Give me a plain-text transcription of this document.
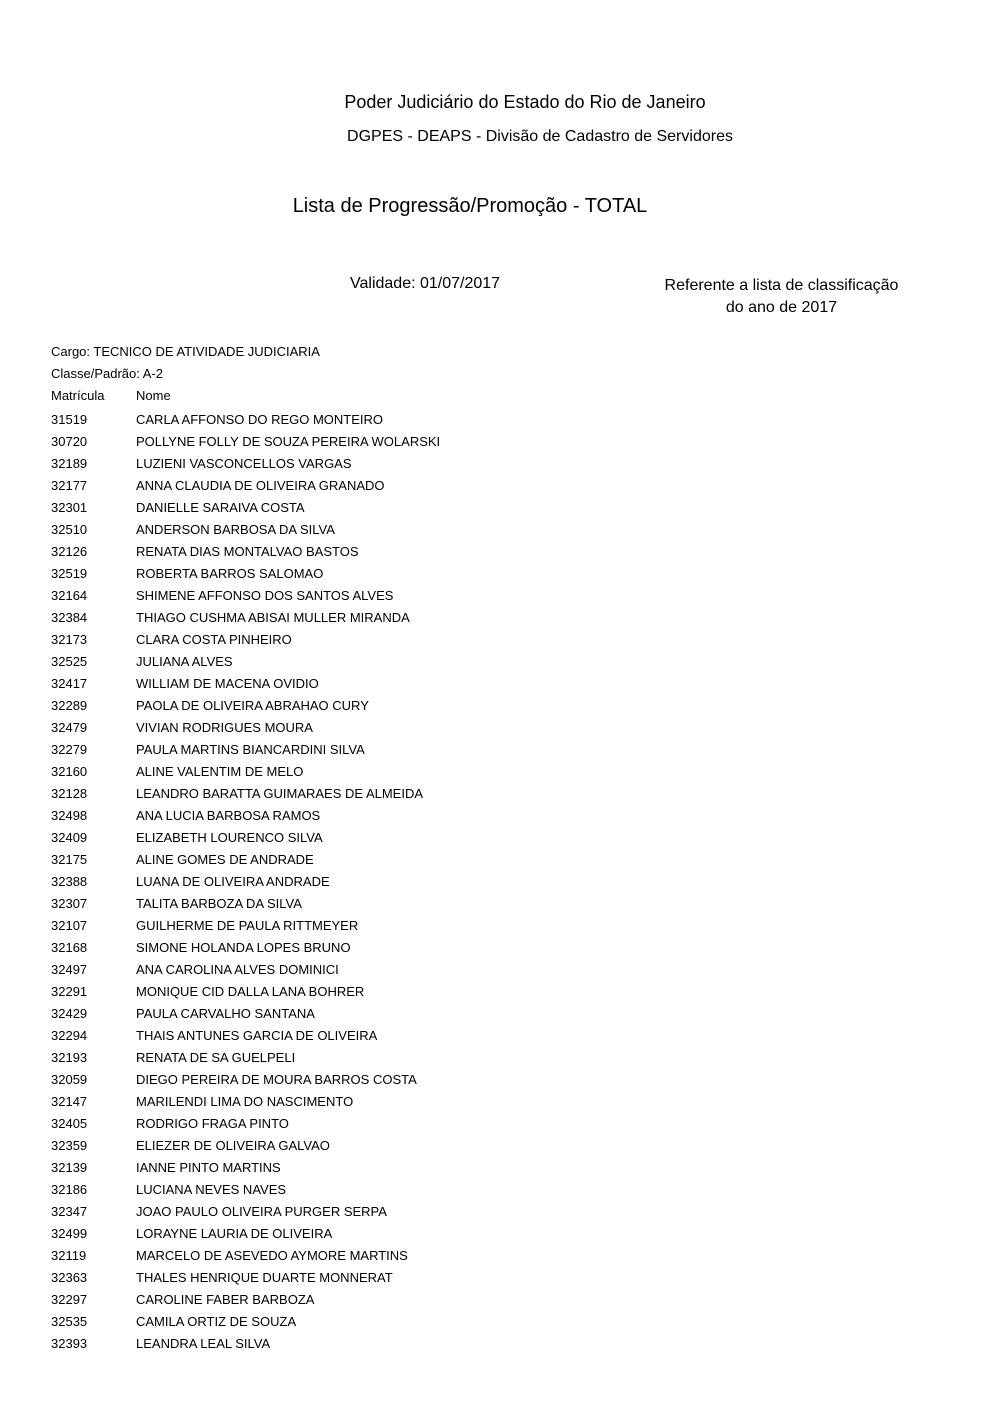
Poder Judiciário do Estado do Rio de Janeiro
DGPES - DEAPS - Divisão de Cadastro de Servidores
Lista de Progressão/Promoção - TOTAL
Validade: 01/07/2017	Referente a lista de classificação do ano de 2017
Cargo: TECNICO DE ATIVIDADE JUDICIARIA
Classe/Padrão: A-2
Matrícula Nome
31519	CARLA AFFONSO DO REGO MONTEIRO
30720	POLLYNE FOLLY DE SOUZA PEREIRA WOLARSKI
32189	LUZIENI VASCONCELLOS VARGAS
32177	ANNA CLAUDIA DE OLIVEIRA GRANADO
32301	DANIELLE SARAIVA COSTA
32510	ANDERSON BARBOSA DA SILVA
32126	RENATA DIAS MONTALVAO BASTOS
32519	ROBERTA BARROS SALOMAO
32164	SHIMENE AFFONSO DOS SANTOS ALVES
32384	THIAGO CUSHMA ABISAI MULLER MIRANDA
32173	CLARA COSTA PINHEIRO
32525	JULIANA ALVES
32417	WILLIAM DE MACENA OVIDIO
32289	PAOLA DE OLIVEIRA ABRAHAO CURY
32479	VIVIAN RODRIGUES MOURA
32279	PAULA MARTINS BIANCARDINI SILVA
32160	ALINE VALENTIM DE MELO
32128	LEANDRO BARATTA GUIMARAES DE ALMEIDA
32498	ANA LUCIA BARBOSA RAMOS
32409	ELIZABETH LOURENCO SILVA
32175	ALINE GOMES DE ANDRADE
32388	LUANA DE OLIVEIRA ANDRADE
32307	TALITA BARBOZA DA SILVA
32107	GUILHERME DE PAULA RITTMEYER
32168	SIMONE HOLANDA LOPES BRUNO
32497	ANA CAROLINA ALVES DOMINICI
32291	MONIQUE CID DALLA LANA BOHRER
32429	PAULA CARVALHO SANTANA
32294	THAIS ANTUNES GARCIA DE OLIVEIRA
32193	RENATA DE SA GUELPELI
32059	DIEGO PEREIRA DE MOURA BARROS COSTA
32147	MARILENDI LIMA DO NASCIMENTO
32405	RODRIGO FRAGA PINTO
32359	ELIEZER DE OLIVEIRA GALVAO
32139	IANNE PINTO MARTINS
32186	LUCIANA NEVES NAVES
32347	JOAO PAULO OLIVEIRA PURGER SERPA
32499	LORAYNE LAURIA DE OLIVEIRA
32119	MARCELO DE ASEVEDO AYMORE MARTINS
32363	THALES HENRIQUE DUARTE MONNERAT
32297	CAROLINE FABER BARBOZA
32535	CAMILA ORTIZ DE SOUZA
32393	LEANDRA LEAL SILVA
